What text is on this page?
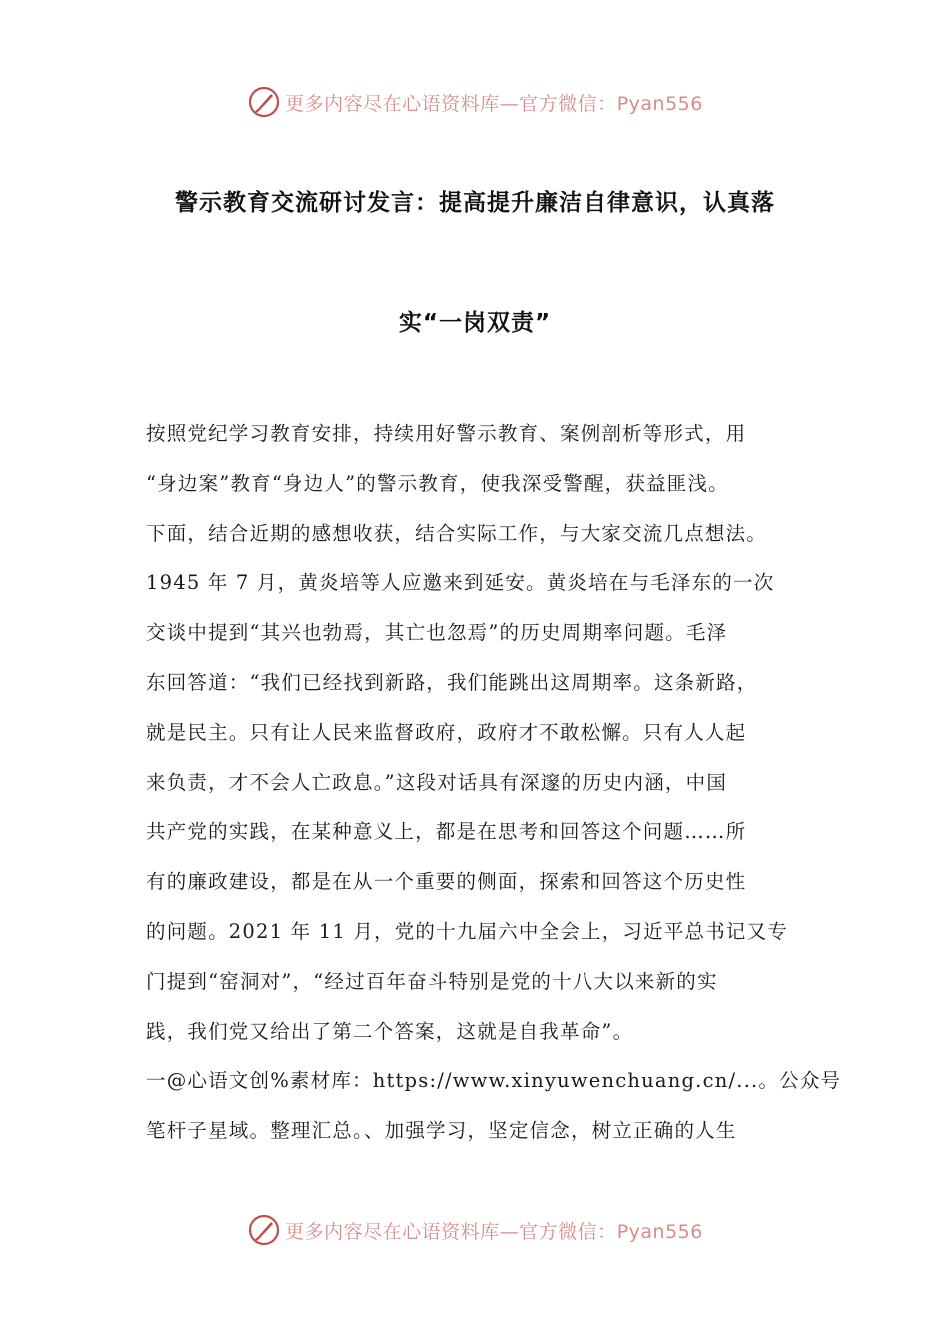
更多内容尽在心语资料库—官方微信：Pyan556
警示教育交流研讨发言：提高提升廉洁自律意识，认真落
实“一岗双责”
按照党纪学习教育安排，持续用好警示教育、案例剖析等形式，用
“身边案”教育“身边人”的警示教育，使我深受警醒，获益匪浅。
下面，结合近期的感想收获，结合实际工作，与大家交流几点想法。
1945 年 7 月，黄炎培等人应邀来到延安。黄炎培在与毛泽东的一次
交谈中提到“其兴也勃焉，其亡也忽焉”的历史周期率问题。毛泽
东回答道：“我们已经找到新路，我们能跳出这周期率。这条新路，
就是民主。只有让人民来监督政府，政府才不敢松懈。只有人人起
来负责，才不会人亡政息。”这段对话具有深邃的历史内涵，中国
共产党的实践，在某种意义上，都是在思考和回答这个问题……所
有的廉政建设，都是在从一个重要的侧面，探索和回答这个历史性
的问题。2021 年 11 月，党的十九届六中全会上，习近平总书记又专
门提到“窑洞对”，“经过百年奋斗特别是党的十八大以来新的实
践，我们党又给出了第二个答案，这就是自我革命”。
一@心语文创%素材库：https://www.xinyuwenchuang.cn/...。公众号
笔杆子星域。整理汇总。、加强学习，坚定信念，树立正确的人生
更多内容尽在心语资料库—官方微信：Pyan556
